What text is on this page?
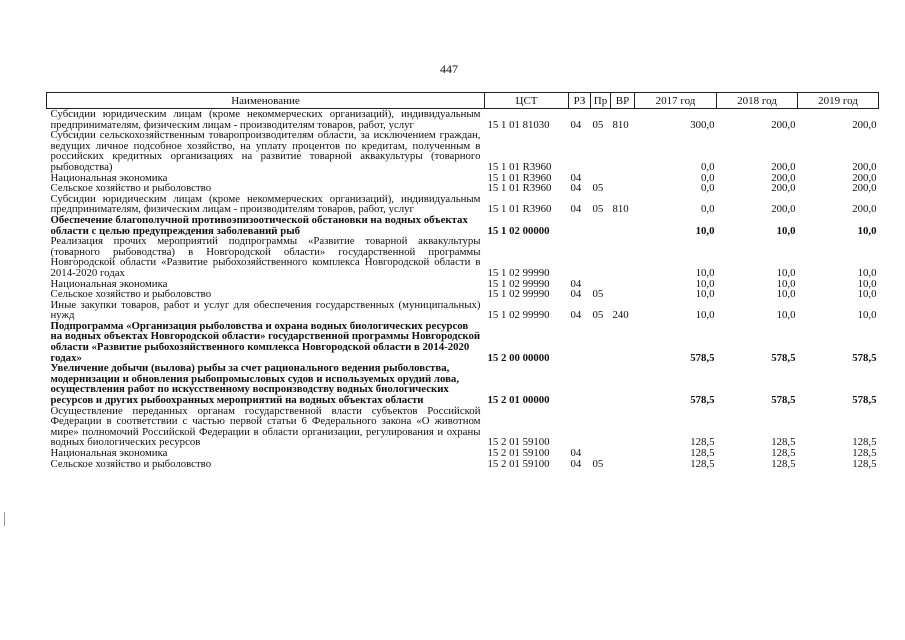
447
Наименование	ЦСТ	РЗ	Пр	ВР	2017 год	2018 год	2019 год
Субсидии юридическим лицам (кроме некоммерческих организаций), индивидуальным предпринимателям, физическим лицам - производителям товаров, работ, услуг	15 1 01 81030	04	05	810	300,0	200,0	200,0
Субсидии сельскохозяйственным товаропроизводителям области, за исключением граждан, ведущих личное подсобное хозяйство, на уплату процентов по кредитам, полученным в российских кредитных организациях на развитие товарной аквакультуры (товарного рыбоводства)	15 1 01 R3960				0,0	200,0	200,0
Национальная экономика	15 1 01 R3960	04			0,0	200,0	200,0
Сельское хозяйство и рыболовство	15 1 01 R3960	04	05		0,0	200,0	200,0
Субсидии юридическим лицам (кроме некоммерческих организаций), индивидуальным предпринимателям, физическим лицам - производителям товаров, работ, услуг	15 1 01 R3960	04	05	810	0,0	200,0	200,0
Обеспечение благополучной противоэпизоотической обстановки на водных объектах области с целью предупреждения заболеваний рыб	15 1 02 00000				10,0	10,0	10,0
Реализация прочих мероприятий подпрограммы «Развитие товарной аквакультуры (товарного рыбоводства) в Новгородской области» государственной программы Новгородской области «Развитие рыбохозяйственного комплекса Новгородской области в 2014-2020 годах	15 1 02 99990				10,0	10,0	10,0
Национальная экономика	15 1 02 99990	04			10,0	10,0	10,0
Сельское хозяйство и рыболовство	15 1 02 99990	04	05		10,0	10,0	10,0
Иные закупки товаров, работ и услуг для обеспечения государственных (муниципальных) нужд	15 1 02 99990	04	05	240	10,0	10,0	10,0
Подпрограмма «Организация рыболовства и охрана водных биологических ресурсов на водных объектах Новгородской области» государственной программы Новгородской области «Развитие рыбохозяйственного комплекса Новгородской области в 2014-2020 годах»	15 2 00 00000				578,5	578,5	578,5
Увеличение добычи (вылова) рыбы за счет рационального ведения рыболовства, модернизации и обновления рыбопромысловых судов и используемых орудий лова, осуществления работ по искусственному воспроизводству водных биологических ресурсов и других рыбоохранных мероприятий на водных объектах области	15 2 01 00000				578,5	578,5	578,5
Осуществление переданных органам государственной власти субъектов Российской Федерации в соответствии с частью первой статьи 6 Федерального закона «О животном мире» полномочий Российской Федерации в области организации, регулирования и охраны водных биологических ресурсов	15 2 01 59100				128,5	128,5	128,5
Национальная экономика	15 2 01 59100	04			128,5	128,5	128,5
Сельское хозяйство и рыболовство	15 2 01 59100	04	05		128,5	128,5	128,5
